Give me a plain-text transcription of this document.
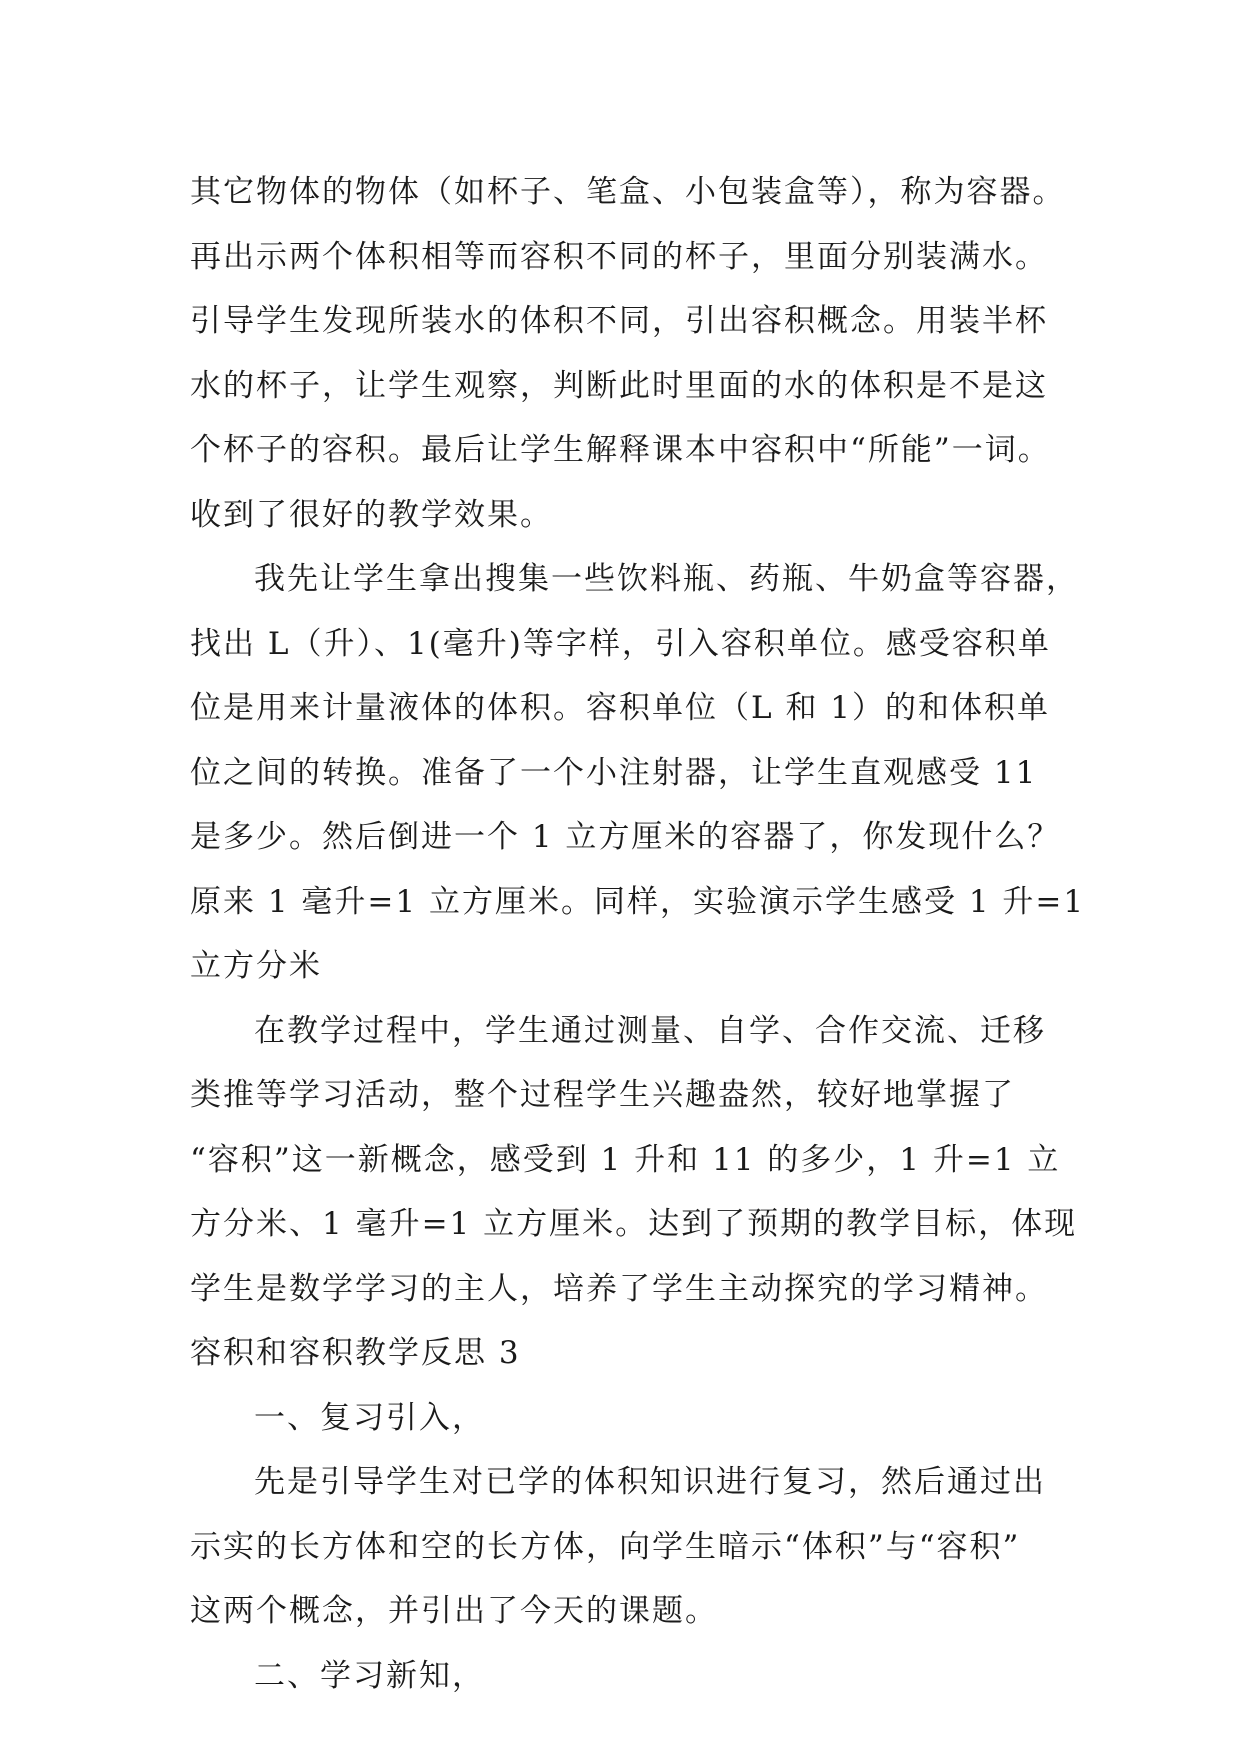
其它物体的物体（如杯子、笔盒、小包装盒等），称为容器。
再出示两个体积相等而容积不同的杯子，里面分别装满水。
引导学生发现所装水的体积不同，引出容积概念。用装半杯
水的杯子，让学生观察，判断此时里面的水的体积是不是这
个杯子的容积。最后让学生解释课本中容积中“所能”一词。
收到了很好的教学效果。
我先让学生拿出搜集一些饮料瓶、药瓶、牛奶盒等容器，
找出 L（升）、1(毫升)等字样，引入容积单位。感受容积单
位是用来计量液体的体积。容积单位（L 和 1）的和体积单
位之间的转换。准备了一个小注射器，让学生直观感受 11
是多少。然后倒进一个 1 立方厘米的容器了，你发现什么？
原来 1 毫升=1 立方厘米。同样，实验演示学生感受 1 升=1
立方分米
在教学过程中，学生通过测量、自学、合作交流、迁移
类推等学习活动，整个过程学生兴趣盎然，较好地掌握了
“容积”这一新概念，感受到 1 升和 11 的多少，1 升=1 立
方分米、1 毫升=1 立方厘米。达到了预期的教学目标，体现
学生是数学学习的主人，培养了学生主动探究的学习精神。
容积和容积教学反思 3
一、复习引入，
先是引导学生对已学的体积知识进行复习，然后通过出
示实的长方体和空的长方体，向学生暗示“体积”与“容积”
这两个概念，并引出了今天的课题。
二、学习新知，
